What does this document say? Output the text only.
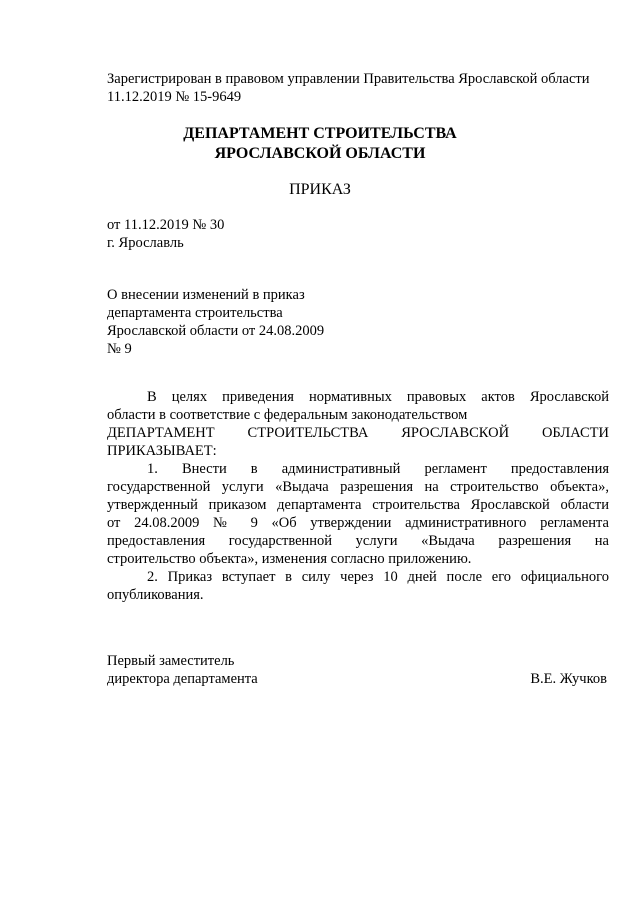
Зарегистрирован в правовом управлении Правительства Ярославской области
11.12.2019 № 15-9649
ДЕПАРТАМЕНТ СТРОИТЕЛЬСТВА
ЯРОСЛАВСКОЙ ОБЛАСТИ
ПРИКАЗ
от 11.12.2019 № 30
г. Ярославль
О внесении изменений в приказ
департамента строительства
Ярославской области от 24.08.2009
№ 9
В целях приведения нормативных правовых актов Ярославской
области в соответствие с федеральным законодательством
ДЕПАРТАМЕНТ СТРОИТЕЛЬСТВА ЯРОСЛАВСКОЙ ОБЛАСТИ
ПРИКАЗЫВАЕТ:
1. Внести в административный регламент предоставления
государственной услуги «Выдача разрешения на строительство объекта»,
утвержденный приказом департамента строительства Ярославской области
от 24.08.2009 № 9 «Об утверждении административного регламента
предоставления государственной услуги «Выдача разрешения на
строительство объекта», изменения согласно приложению.
2. Приказ вступает в силу через 10 дней после его официального
опубликования.
Первый заместитель
директора департамента	В.Е. Жучков
